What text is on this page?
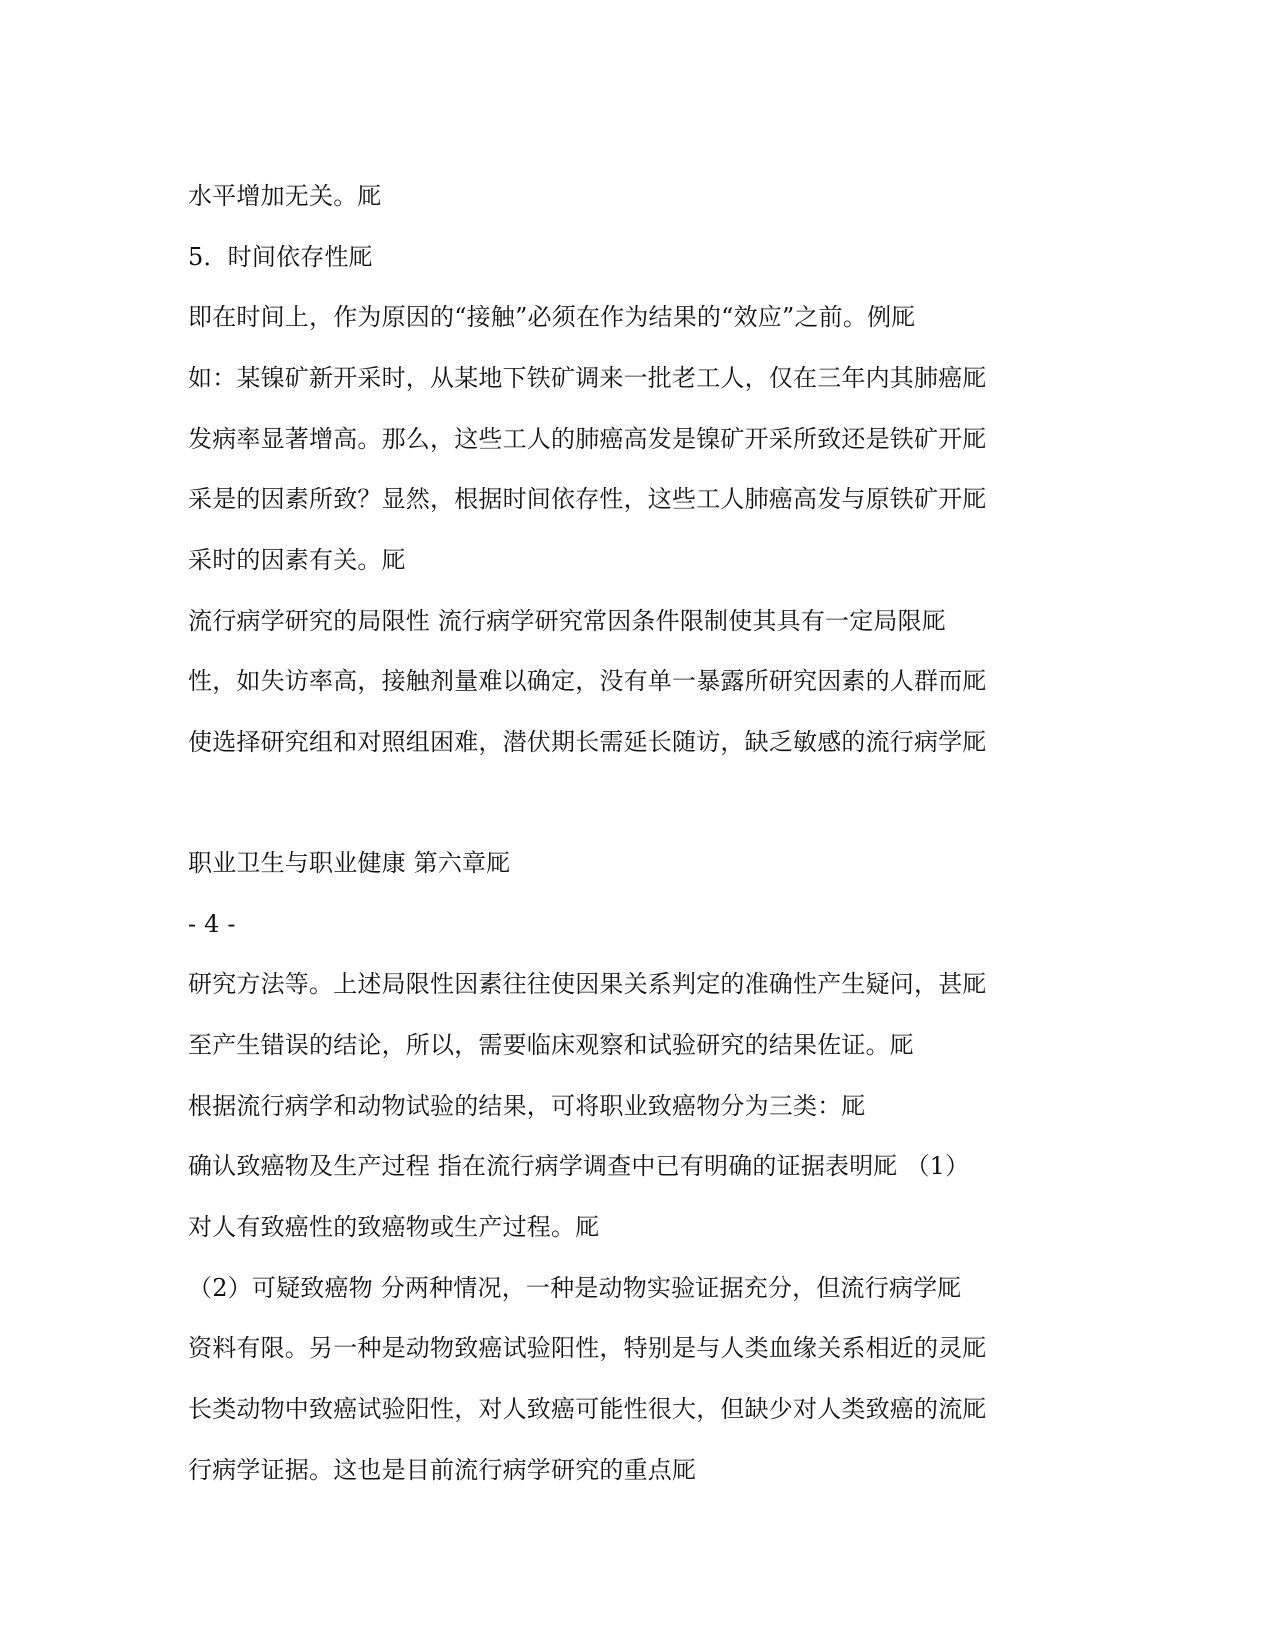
水平增加无关。厑
5．时间依存性厑
即在时间上，作为原因的“接触”必须在作为结果的“效应”之前。例厑
如：某镍矿新开采时，从某地下铁矿调来一批老工人，仅在三年内其肺癌厑
发病率显著增高。那么，这些工人的肺癌高发是镍矿开采所致还是铁矿开厑
采是的因素所致？显然，根据时间依存性，这些工人肺癌高发与原铁矿开厑
采时的因素有关。厑
流行病学研究的局限性 流行病学研究常因条件限制使其具有一定局限厑
性，如失访率高，接触剂量难以确定，没有单一暴露所研究因素的人群而厑
使选择研究组和对照组困难，潜伏期长需延长随访，缺乏敏感的流行病学厑
职业卫生与职业健康 第六章厑
- 4 -⁠
研究方法等。上述局限性因素往往使因果关系判定的准确性产生疑问，甚厑
至产生错误的结论，所以，需要临床观察和试验研究的结果佐证。厑
根据流行病学和动物试验的结果，可将职业致癌物分为三类：厑
确认致癌物及生产过程 指在流行病学调查中已有明确的证据表明厑 （1）
对人有致癌性的致癌物或生产过程。厑
（2）可疑致癌物 分两种情况，一种是动物实验证据充分，但流行病学厑
资料有限。另一种是动物致癌试验阳性，特别是与人类血缘关系相近的灵厑
长类动物中致癌试验阳性，对人致癌可能性很大，但缺少对人类致癌的流厑
行病学证据。这也是目前流行病学研究的重点厑
